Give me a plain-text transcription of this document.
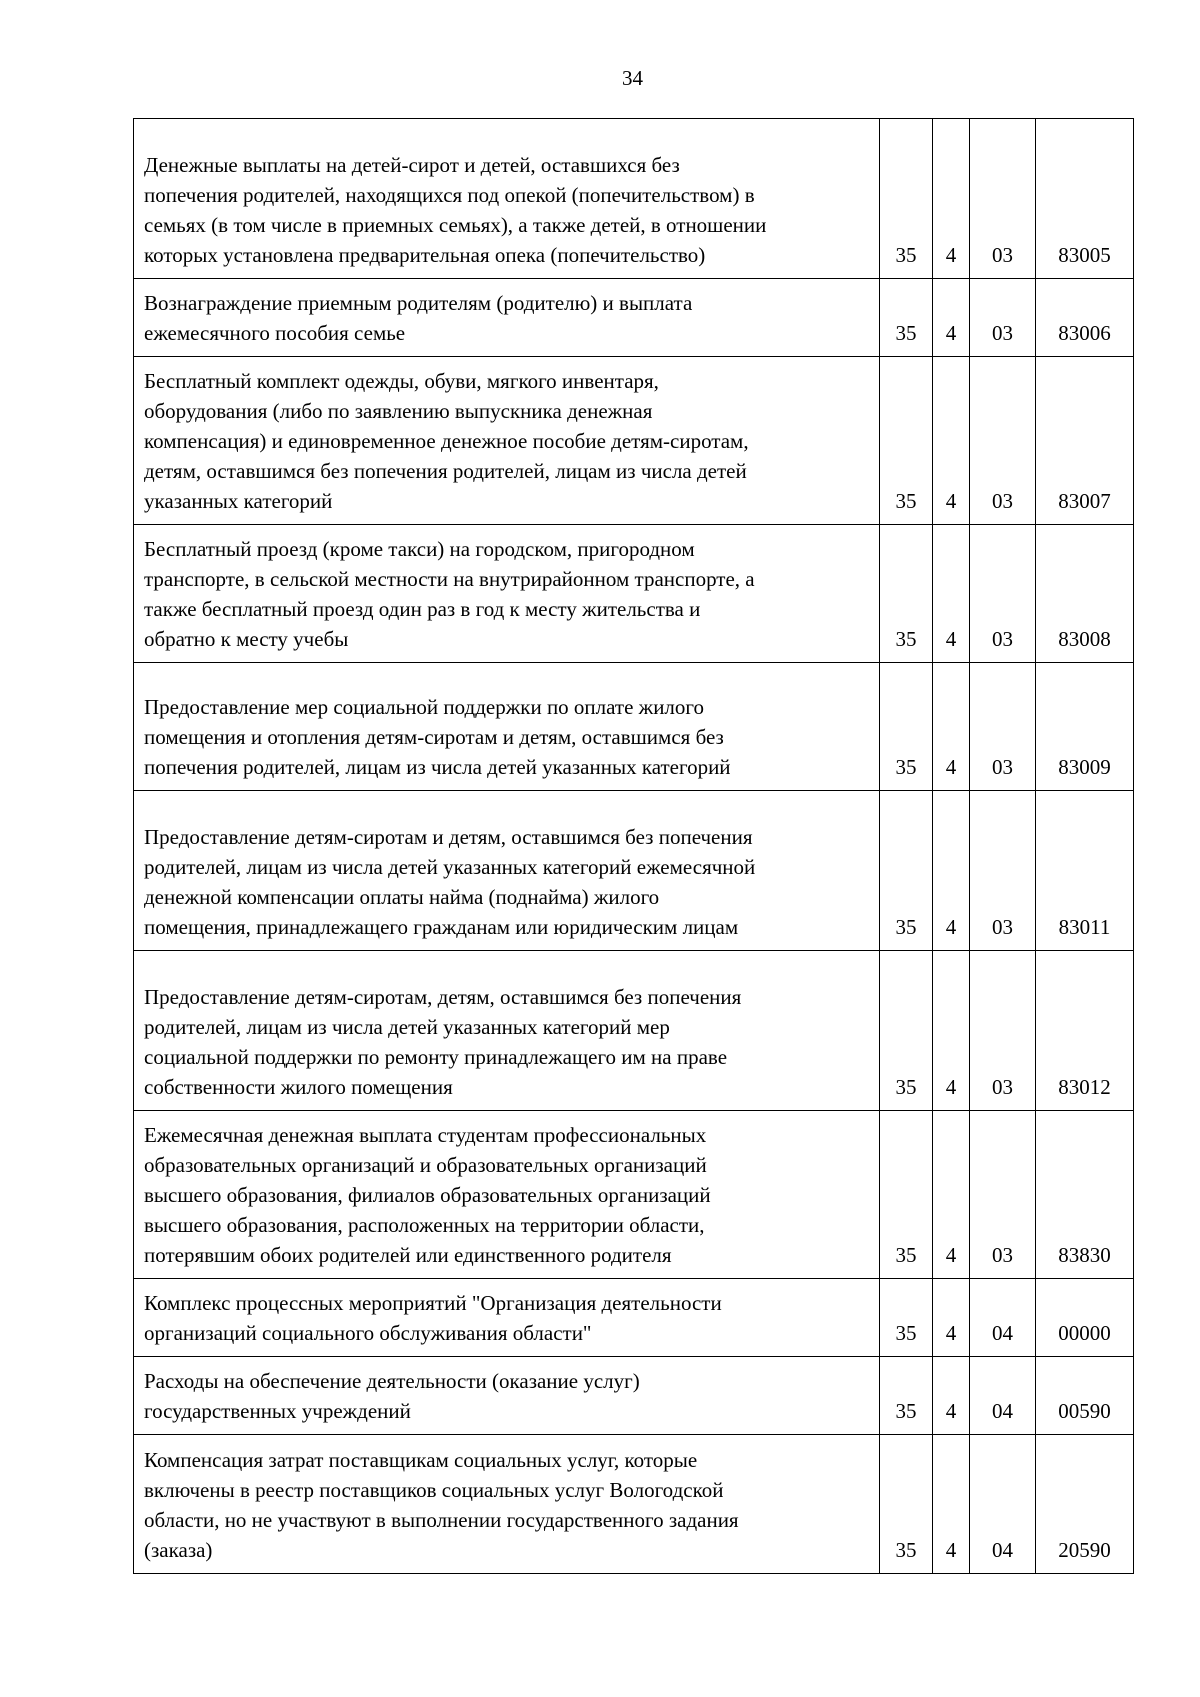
34
Денежные выплаты на детей-сирот и детей, оставшихся без
попечения родителей, находящихся под опекой (попечительством) в
семьях (в том числе в приемных семьях), а также детей, в отношении
которых установлена предварительная опека (попечительство)	35	4	03	83005

Вознаграждение приемным родителям (родителю) и выплата
ежемесячного пособия семье	35	4	03	83006

Бесплатный комплект одежды, обуви, мягкого инвентаря,
оборудования (либо по заявлению выпускника денежная
компенсация) и единовременное денежное пособие детям-сиротам,
детям, оставшимся без попечения родителей, лицам из числа детей
указанных категорий	35	4	03	83007

Бесплатный проезд (кроме такси) на городском, пригородном
транспорте, в сельской местности на внутрирайонном транспорте, а
также бесплатный проезд один раз в год к месту жительства и
обратно к месту учебы	35	4	03	83008

Предоставление мер социальной поддержки по оплате жилого
помещения и отопления детям-сиротам и детям, оставшимся без
попечения родителей, лицам из числа детей указанных категорий	35	4	03	83009

Предоставление детям-сиротам и детям, оставшимся без попечения
родителей, лицам из числа детей указанных категорий ежемесячной
денежной компенсации оплаты найма (поднайма) жилого
помещения, принадлежащего гражданам или юридическим лицам	35	4	03	83011

Предоставление детям-сиротам, детям, оставшимся без попечения
родителей, лицам из числа детей указанных категорий мер
социальной поддержки по ремонту принадлежащего им на праве
собственности жилого помещения	35	4	03	83012

Ежемесячная денежная выплата студентам профессиональных
образовательных организаций и образовательных организаций
высшего образования, филиалов образовательных организаций
высшего образования, расположенных на территории области,
потерявшим обоих родителей или единственного родителя	35	4	03	83830

Комплекс процессных мероприятий "Организация деятельности
организаций социального обслуживания области"	35	4	04	00000

Расходы на обеспечение деятельности (оказание услуг)
государственных учреждений	35	4	04	00590

Компенсация затрат поставщикам социальных услуг, которые
включены в реестр поставщиков социальных услуг Вологодской
области, но не участвуют в выполнении государственного задания
(заказа)	35	4	04	20590
